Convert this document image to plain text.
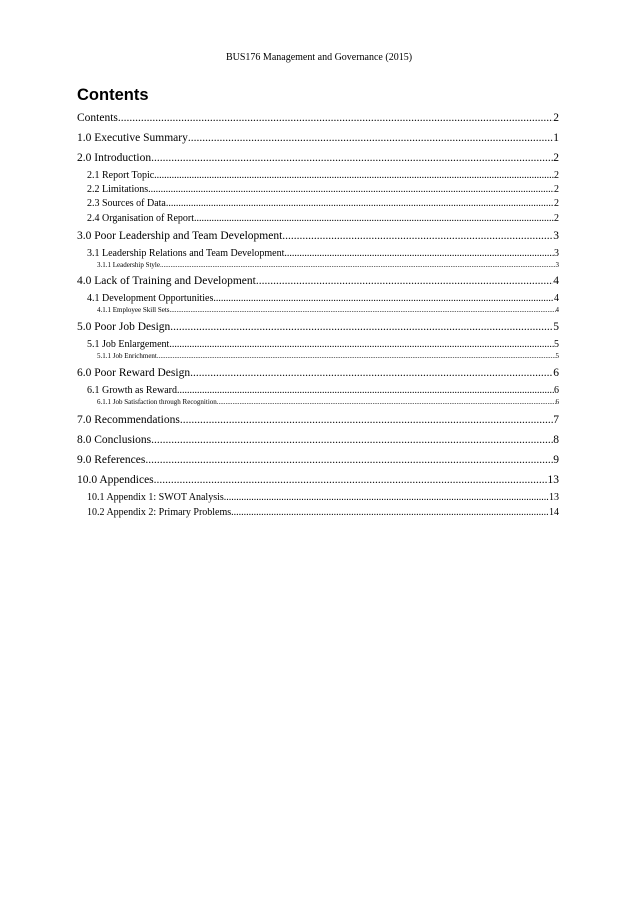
BUS176 Management and Governance (2015)
Contents
Contents .....	2
1.0 Executive Summary .....	1
2.0 Introduction .....	2
2.1 Report Topic .....	2
2.2 Limitations .....	2
2.3 Sources of Data .....	2
2.4 Organisation of Report .....	2
3.0 Poor Leadership and Team Development .....	3
3.1 Leadership Relations and Team Development .....	3
3.1.1 Leadership Style .....	3
4.0 Lack of Training and Development .....	4
4.1 Development Opportunities .....	4
4.1.1 Employee Skill Sets .....	4
5.0 Poor Job Design .....	5
5.1 Job Enlargement .....	5
5.1.1 Job Enrichment .....	5
6.0 Poor Reward Design .....	6
6.1 Growth as Reward .....	6
6.1.1 Job Satisfaction through Recognition .....	6
7.0 Recommendations .....	7
8.0 Conclusions .....	8
9.0 References .....	9
10.0 Appendices .....	13
10.1 Appendix 1: SWOT Analysis .....	13
10.2 Appendix 2: Primary Problems .....	14
